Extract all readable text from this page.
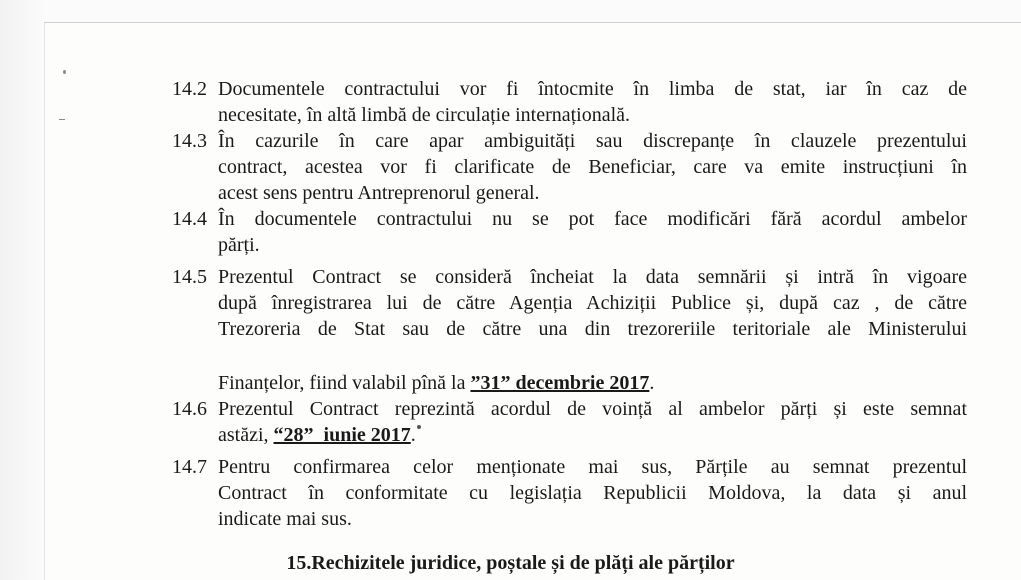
14.2 Documentele contractului vor fi întocmite în limba de stat, iar în caz de
necesitate, în altă limbă de circulație internațională.
14.3 În cazurile în care apar ambiguități sau discrepanțe în clauzele prezentului
contract, acestea vor fi clarificate de Beneficiar, care va emite instrucțiuni în
acest sens pentru Antreprenorul general.
14.4 În documentele contractului nu se pot face modificări fără acordul ambelor
părți.
14.5 Prezentul Contract se consideră încheiat la data semnării și intră în vigoare
după înregistrarea lui de către Agenția Achiziții Publice și, după caz , de către
Trezoreria de Stat sau de către una din trezoreriile teritoriale ale Ministerului
Finanțelor, fiind valabil pînă la ”31” decembrie 2017.
14.6 Prezentul Contract reprezintă acordul de voință al ambelor părți și este semnat
astăzi, “28”  iunie 2017.
14.7 Pentru confirmarea celor menționate mai sus, Părțile au semnat prezentul
Contract în conformitate cu legislația Republicii Moldova, la data și anul
indicate mai sus.
15.Rechizitele juridice, poștale și de plăți ale părților
